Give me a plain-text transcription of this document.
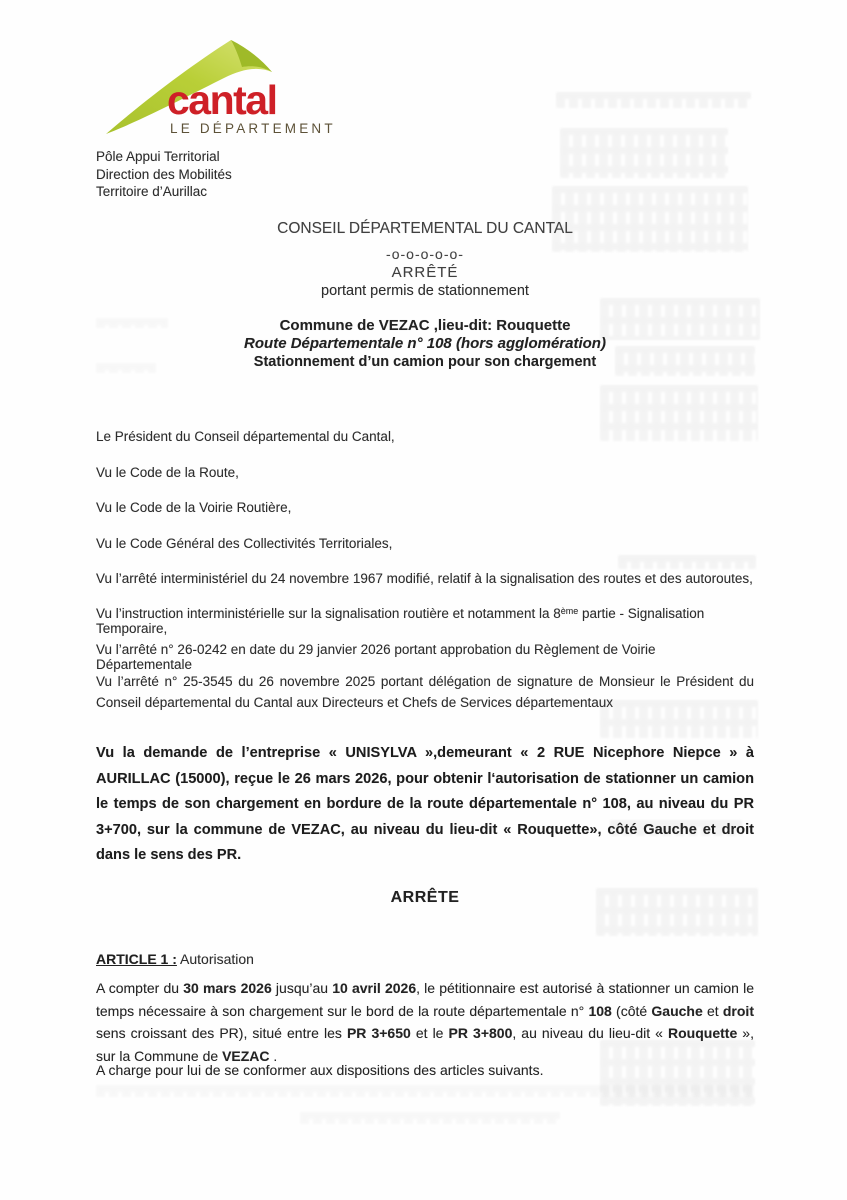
cantal
LE DÉPARTEMENT
Pôle Appui Territorial
Direction des Mobilités
Territoire d’Aurillac
CONSEIL DÉPARTEMENTAL DU CANTAL
-o-o-o-o-o-
ARRÊTÉ
portant permis de stationnement
Commune de VEZAC ,lieu-dit: Rouquette
Route Départementale n° 108 (hors agglomération)
Stationnement d’un camion pour son chargement
Le Président du Conseil départemental du Cantal,
Vu le Code de la Route,
Vu le Code de la Voirie Routière,
Vu le Code Général des Collectivités Territoriales,
Vu l’arrêté interministériel du 24 novembre 1967 modifié, relatif à la signalisation des routes et des autoroutes,
Vu l’instruction interministérielle sur la signalisation routière et notamment la 8ème partie - Signalisation Temporaire,
Vu l’arrêté n° 26-0242 en date du 29 janvier 2026 portant approbation du Règlement de Voirie Départementale
Vu l’arrêté n° 25-3545 du 26 novembre 2025 portant délégation de signature de Monsieur le Président du Conseil départemental du Cantal aux Directeurs et Chefs de Services départementaux
Vu la demande de l’entreprise « UNISYLVA »,demeurant « 2 RUE Nicephore Niepce » à AURILLAC (15000), reçue le 26 mars 2026, pour obtenir l‘autorisation de stationner un camion le temps de son chargement en bordure de la route départementale n° 108, au niveau du PR 3+700, sur la commune de VEZAC, au niveau du lieu-dit « Rouquette», côté Gauche et droit dans le sens des PR.
ARRÊTE
ARTICLE 1 : Autorisation
A compter du 30 mars 2026 jusqu’au 10 avril 2026, le pétitionnaire est autorisé à stationner un camion le temps nécessaire à son chargement sur le bord de la route départementale n° 108 (côté Gauche et droit sens croissant des PR), situé entre les PR 3+650 et le PR 3+800, au niveau du lieu-dit « Rouquette », sur la Commune de VEZAC .
A charge pour lui de se conformer aux dispositions des articles suivants.
